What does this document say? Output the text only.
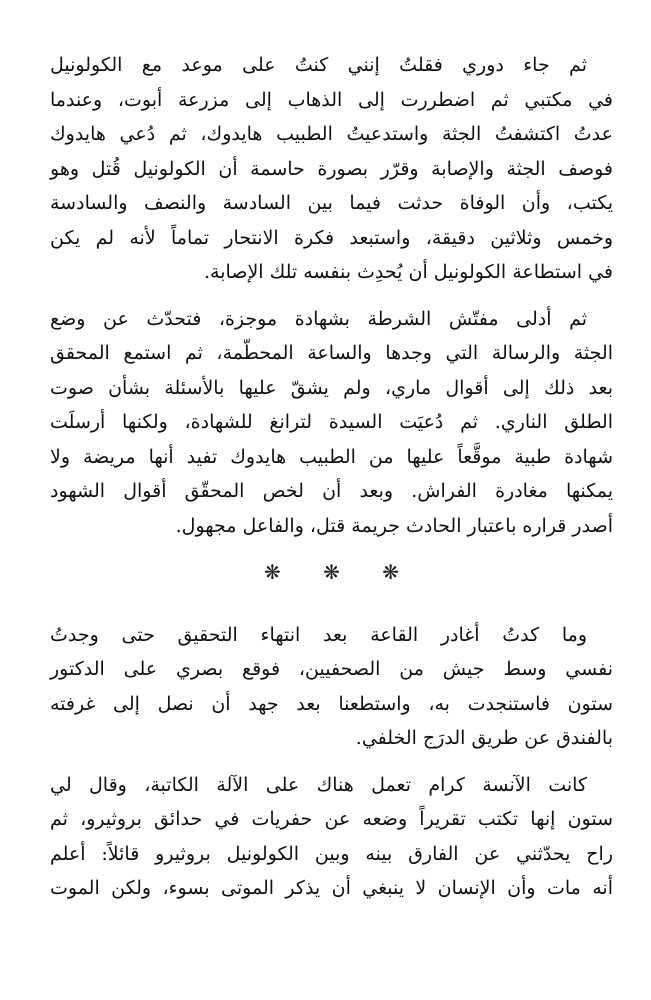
ثم جاء دوري فقلتُ إنني كنتُ على موعد مع الكولونيل
في مكتبي ثم اضطررت إلى الذهاب إلى مزرعة أبوت، وعندما
عدتُ اكتشفتُ الجثة واستدعيتُ الطبيب هايدوك، ثم دُعي هايدوك
فوصف الجثة والإصابة وقرّر بصورة حاسمة أن الكولونيل قُتل وهو
يكتب، وأن الوفاة حدثت فيما بين السادسة والنصف والسادسة
وخمس وثلاثين دقيقة، واستبعد فكرة الانتحار تماماً لأنه لم يكن
في استطاعة الكولونيل أن يُحدِث بنفسه تلك الإصابة.
ثم أدلى مفتّش الشرطة بشهادة موجزة، فتحدّث عن وضع
الجثة والرسالة التي وجدها والساعة المحطّمة، ثم استمع المحقق
بعد ذلك إلى أقوال ماري، ولم يشقّ عليها بالأسئلة بشأن صوت
الطلق الناري. ثم دُعيَت السيدة لترانغ للشهادة، ولكنها أرسلَت
شهادة طبية موقَّعاً عليها من الطبيب هايدوك تفيد أنها مريضة ولا
يمكنها مغادرة الفراش. وبعد أن لخص المحقّق أقوال الشهود
أصدر قراره باعتبار الحادث جريمة قتل، والفاعل مجهول.
❋ ❋ ❋
وما كدتُ أغادر القاعة بعد انتهاء التحقيق حتى وجدتُ
نفسي وسط جيش من الصحفيين، فوقع بصري على الدكتور
ستون فاستنجدت به، واستطعنا بعد جهد أن نصل إلى غرفته
بالفندق عن طريق الدرَج الخلفي.
كانت الآنسة كرام تعمل هناك على الآلة الكاتبة، وقال لي
ستون إنها تكتب تقريراً وضعه عن حفريات في حدائق بروثيرو، ثم
راح يحدّثني عن الفارق بينه وبين الكولونيل بروثيرو قائلاً: أعلم
أنه مات وأن الإنسان لا ينبغي أن يذكر الموتى بسوء، ولكن الموت
